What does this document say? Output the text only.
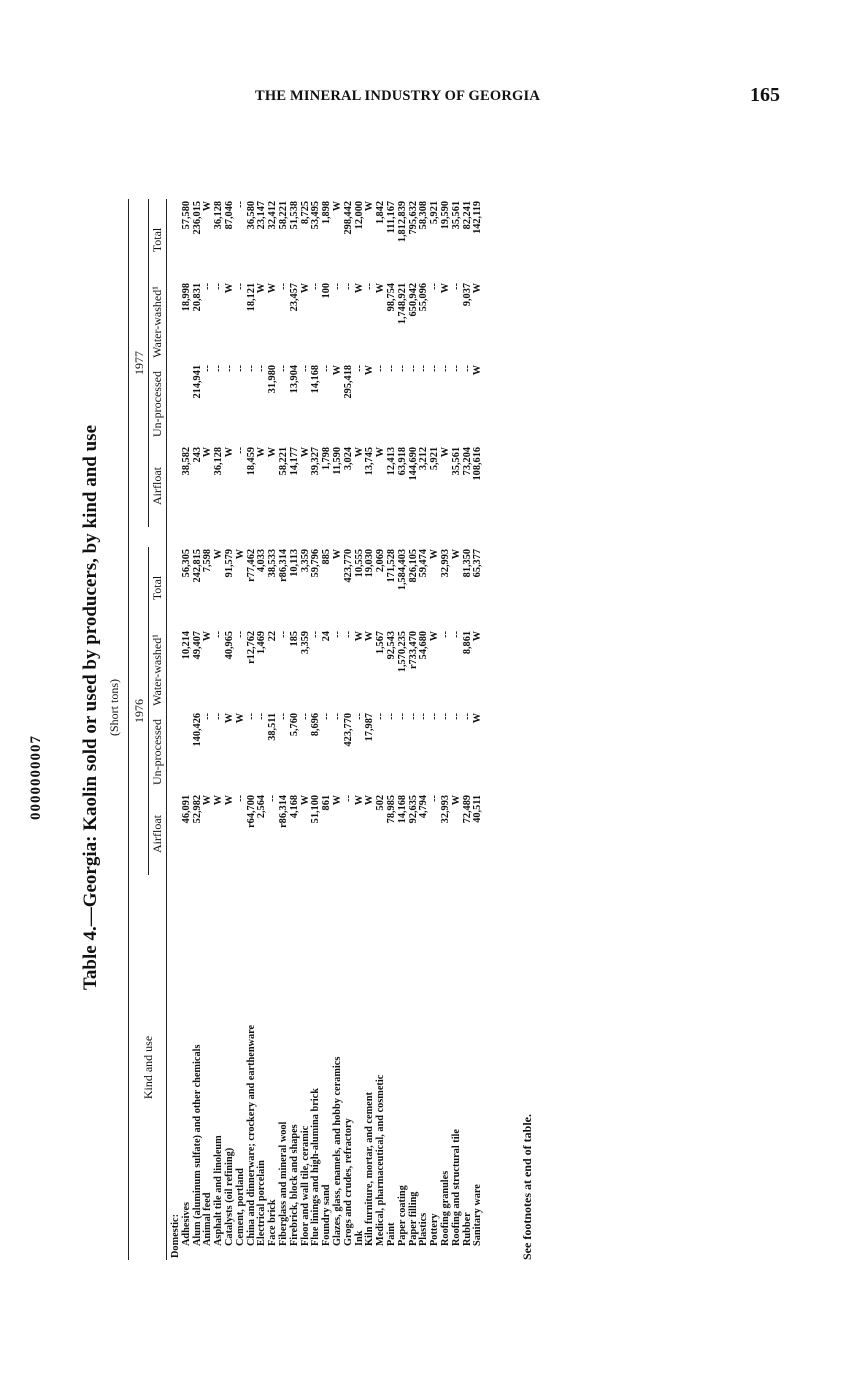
THE MINERAL INDUSTRY OF GEORGIA	165
0000000007 Table 4.—Georgia: Kaolin sold or used by producers, by kind and use (Short tons)
Kind and use	1976					1977			
	Airfloat	Un-processed	Water-washed¹	Total		Airfloat	Un-processed	Water-washed¹	Total
Domestic:									
Adhesives	46,091		10,214	56,305		38,582		18,998	57,580
Alum (aluminum sulfate) and other chemicals	52,982	140,426	49,407	242,815		243	214,941	20,831	236,015
Animal feed	W	--	W	7,598		W	--	--	W
Asphalt tile and linoleum	W	--	--	W		36,128	--	--	36,128
Catalysts (oil refining)	W	W	40,965	91,579		W	--	W	87,046
Cement, portland	--	W	--	W		--	--	--	--
China and dinnerware; crockery and earthenware	r64,700	--	r12,762	r77,462		18,459	--	18,121	36,580
Electrical porcelain	2,564	--	1,469	4,033		W	--	W	23,147
Face brick	--	38,511	22	38,533		W	31,980	W	32,412
Fiberglass and mineral wool	r86,314	--	--	r86,314		58,221	--	--	58,221
Firebrick, block and shapes	4,168	5,760	185	10,113		14,177	13,904	23,457	51,538
Floor and wall tile, ceramic	W	--	3,359	3,359		W	--	W	8,725
Flue linings and high-alumina brick	51,100	8,696	--	59,796		39,327	14,168	--	53,495
Foundry sand	861	--	24	885		1,798	--	100	1,898
Glazes, glass, enamels, and hobby ceramics	W	--	--	W		11,590	W	--	W
Grogs and crudes, refractory	--	423,770	--	423,770		3,024	295,418	--	298,442
Ink	W	--	W	10,555		W	--	W	12,000
Kiln furniture, mortar, and cement	W	17,987	W	19,030		13,745	W	--	W
Medical, pharmaceutical, and cosmetic	502	--	1,567	2,069		W	--	W	1,842
Paint	78,985	--	92,543	171,528		12,413	--	98,754	111,167
Paper coating	14,168	--	1,570,235	1,584,403		63,918	--	1,748,921	1,812,839
Paper filling	92,635	--	r733,470	826,105		144,690	--	650,942	795,632
Plastics	4,794	--	54,680	59,474		3,212	--	55,096	58,308
Pottery	--	--	W	W		5,921	--	--	5,921
Roofing granules	32,993	--	--	32,993		W	--	W	19,590
Roofing and structural tile	W	--	--	W		35,561	--	--	35,561
Rubber	72,489	--	8,861	81,350		73,204	--	9,037	82,241
Sanitary ware	40,511	W	W	65,377		108,616	W	W	142,119
See footnotes at end of table.
